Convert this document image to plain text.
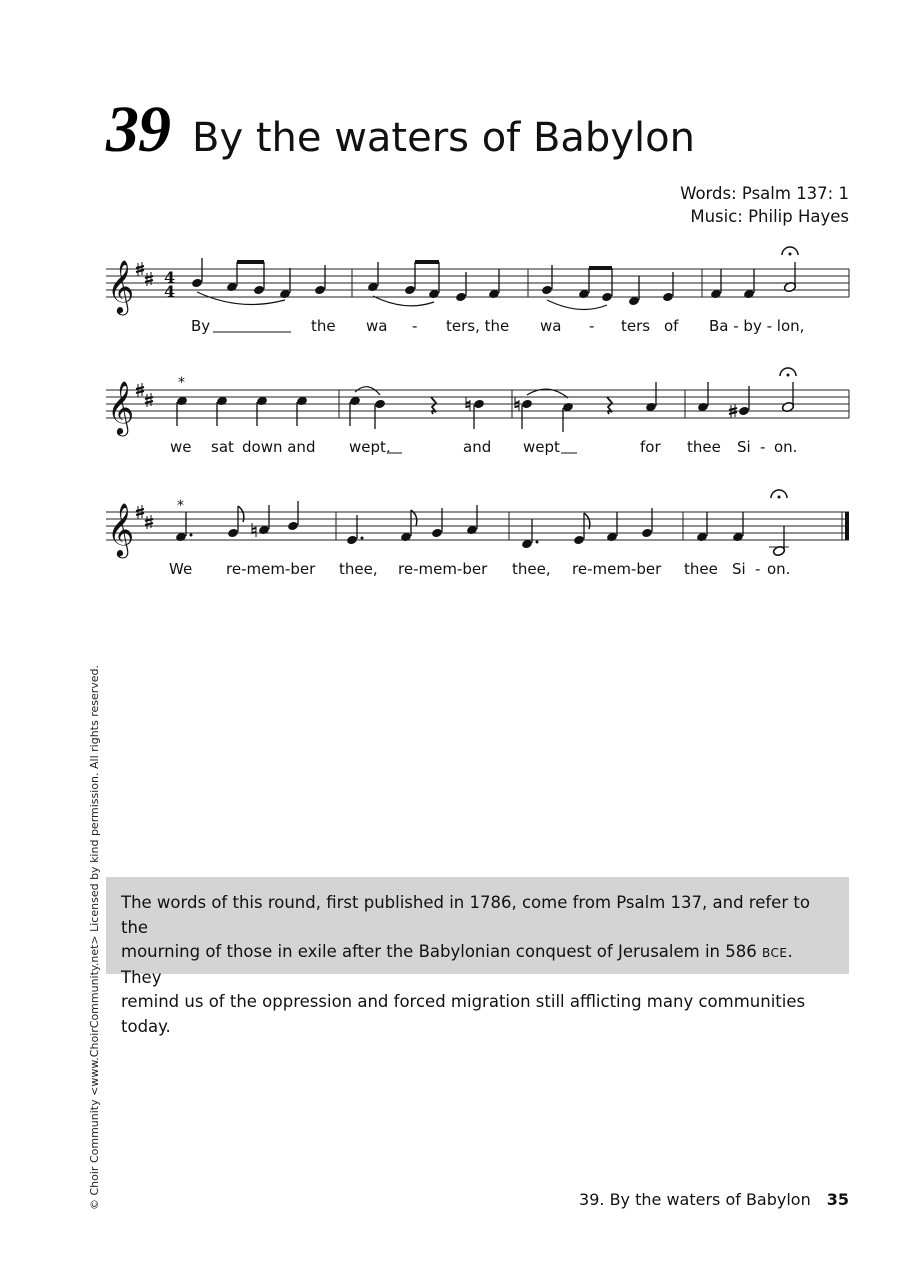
39 By the waters of Babylon
Words: Psalm 137: 1
Music: Philip Hayes
𝄞 4
4
𝄞	*
𝄞	*
By	the wa - ters, the wa - ters of Ba - by - lon,
we sat down and wept,	and wept	for thee Si - on.
We re-mem-ber thee, re-mem-ber thee, re-mem-ber thee Si - on.
The words of this round, first published in 1786, come from Psalm 137, and refer to the
mourning of those in exile after the Babylonian conquest of Jerusalem in 586 BCE. They
remind us of the oppression and forced migration still afflicting many communities today.
© Choir Community <www.ChoirCommunity.net> Licensed by kind permission. All rights reserved.	39. By the waters of Babylon 35
